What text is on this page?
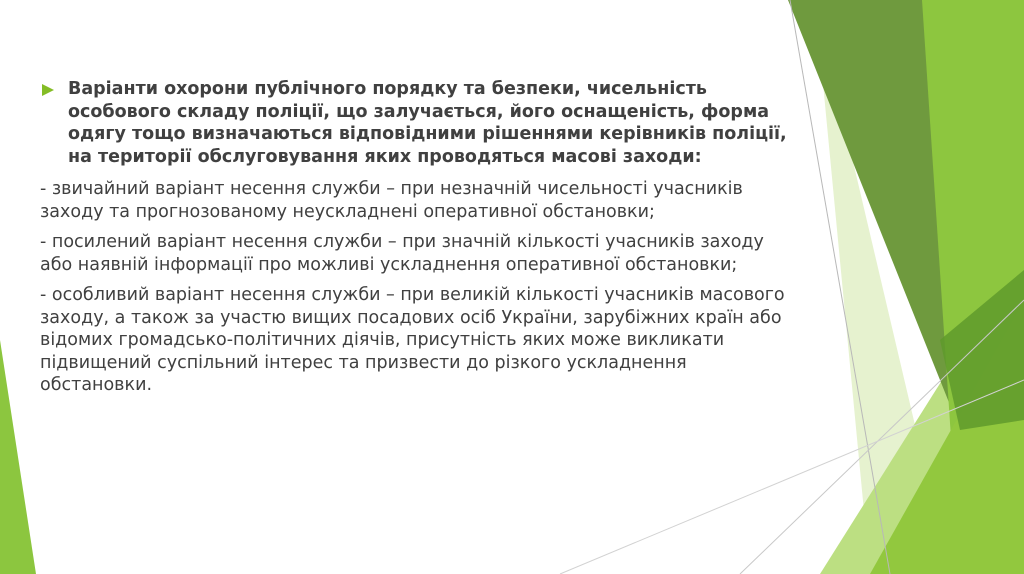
Варіанти охорони публічного порядку та безпеки, чисельність особового складу поліції, що залучається, його оснащеність, форма одягу тощо визначаються відповідними рішеннями керівників поліції, на території обслуговування яких проводяться масові заходи:
- звичайний варіант несення служби – при незначній чисельності учасників заходу та прогнозованому неускладнені оперативної обстановки;
- посилений варіант несення служби – при значній кількості учасників заходу або наявній інформації про можливі ускладнення оперативної обстановки;
- особливий варіант несення служби – при великій кількості учасників масового заходу, а також за участю вищих посадових осіб України, зарубіжних країн або відомих громадсько-політичних діячів, присутність яких може викликати підвищений суспільний інтерес та призвести до різкого ускладнення обстановки.
